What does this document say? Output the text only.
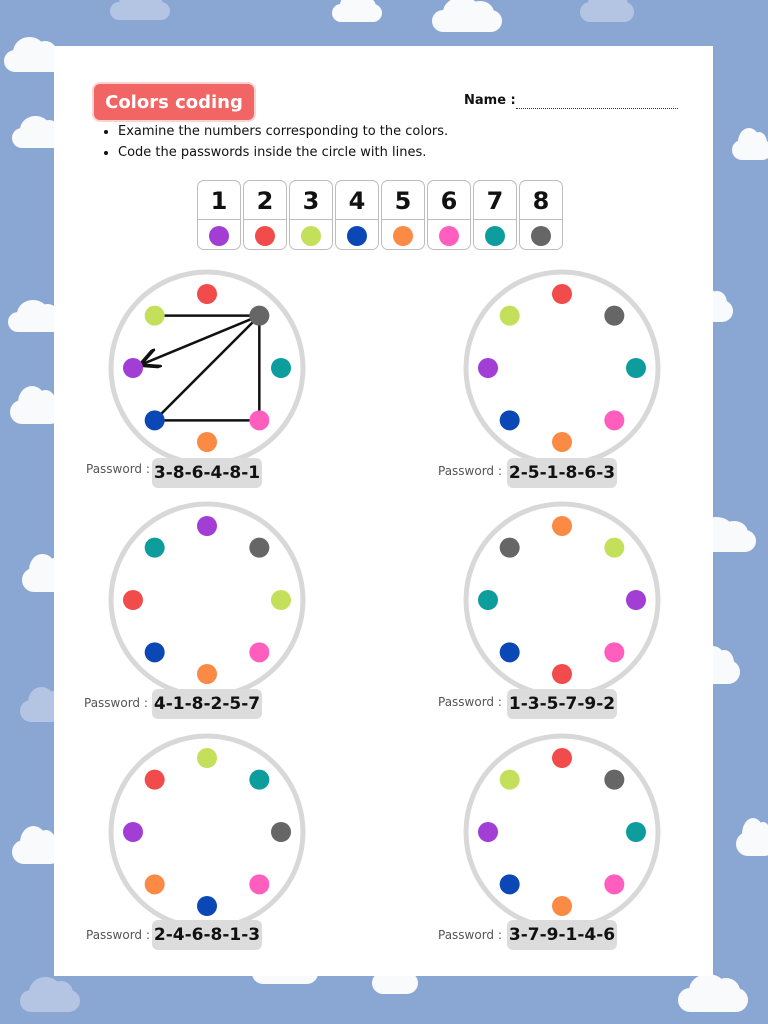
Colors coding	Name :
• Examine the numbers corresponding to the colors.
• Code the passwords inside the circle with lines.
1 2 3 4 5 6 7 8
Password : 3-8-6-4-8-1	Password : 2-5-1-8-6-3
Password : 4-1-8-2-5-7	Password : 1-3-5-7-9-2
Password : 2-4-6-8-1-3	Password : 3-7-9-1-4-6
